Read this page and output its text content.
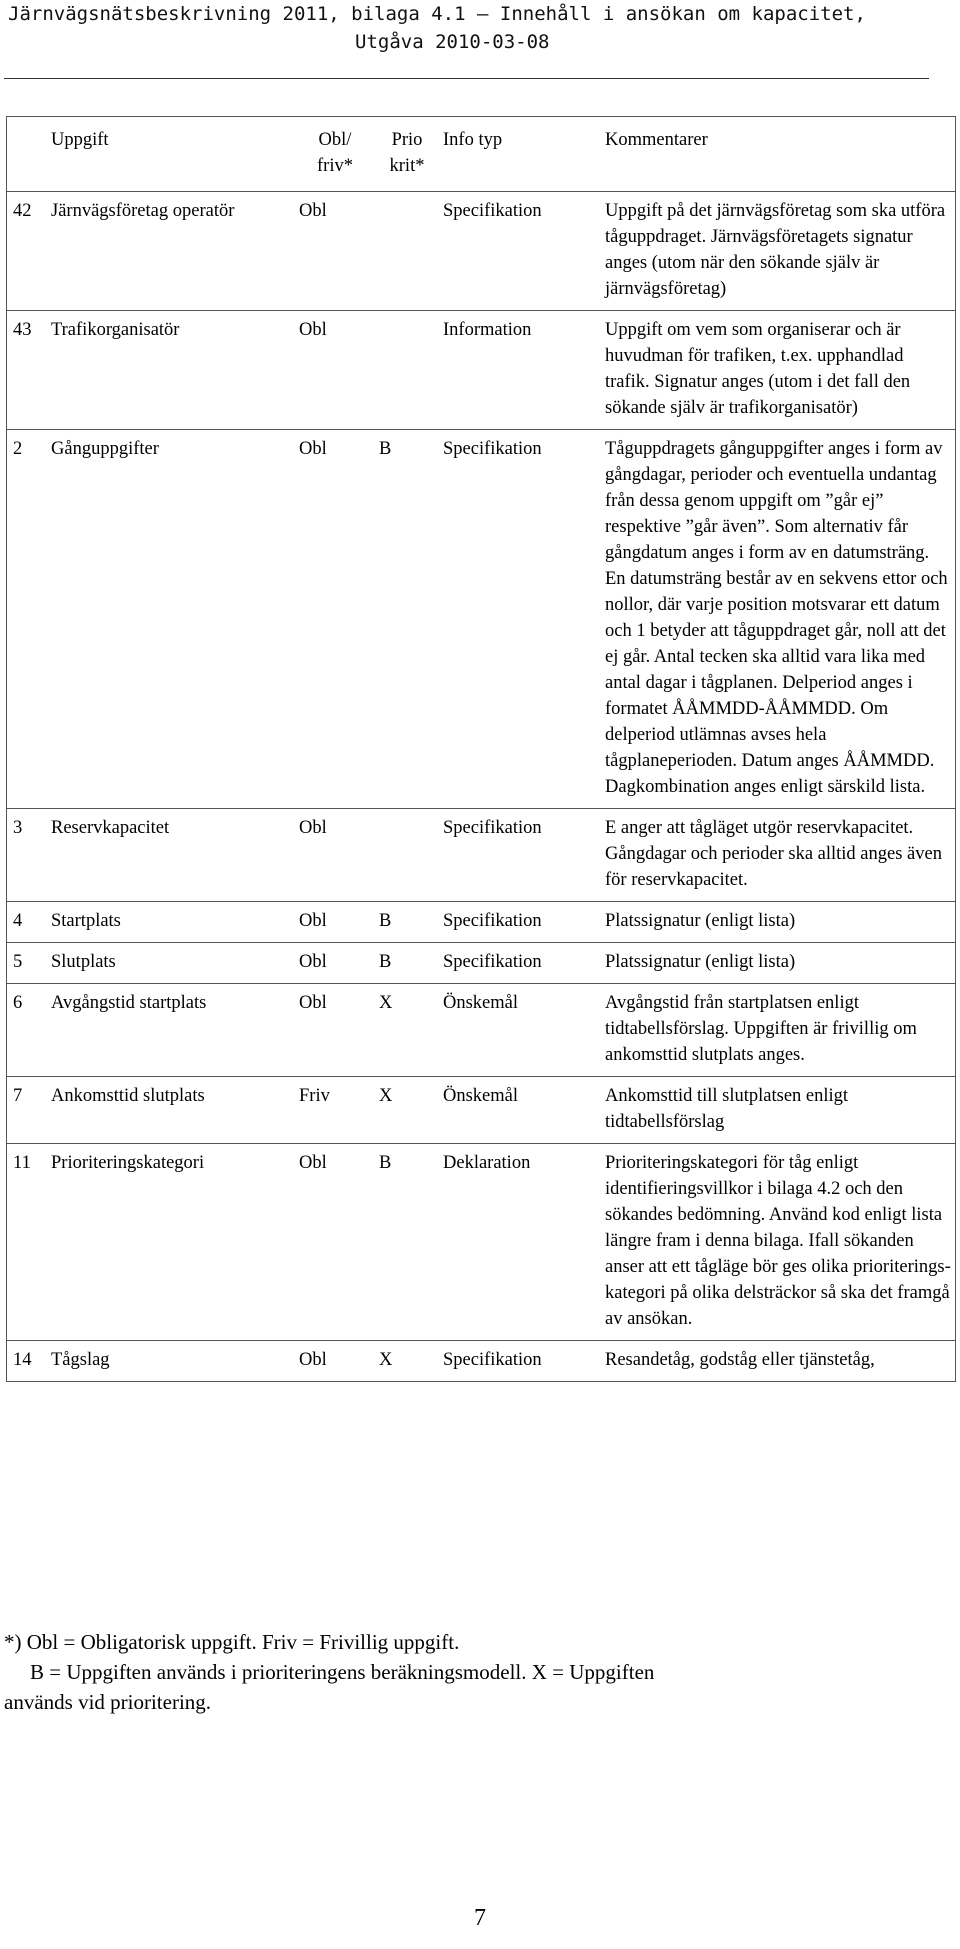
Järnvägsnätsbeskrivning 2011, bilaga 4.1 — Innehåll i ansökan om kapacitet,
Utgåva 2010-03-08
	Uppgift	Obl/ friv*	Prio krit*	Info typ	Kommentarer
42	Järnvägsföretag operatör	Obl		Specifikation	Uppgift på det järnvägsföretag som ska utföra tåguppdraget. Järnvägsföretagets signatur anges (utom när den sökande själv är järnvägsföretag)
43	Trafikorganisatör	Obl		Information	Uppgift om vem som organiserar och är huvudman för trafiken, t.ex. upphandlad trafik. Signatur anges (utom i det fall den sökande själv är trafikorganisatör)
2	Gånguppgifter	Obl	B	Specifikation	Tåguppdragets gånguppgifter anges i form av gångdagar, perioder och eventuella undantag från dessa genom uppgift om ”går ej” respektive ”går även”. Som alternativ får gångdatum anges i form av en datumsträng. En datumsträng består av en sekvens ettor och nollor, där varje position motsvarar ett datum och 1 betyder att tåguppdraget går, noll att det ej går. Antal tecken ska alltid vara lika med antal dagar i tågplanen. Delperiod anges i formatet ÅÅMMDD-ÅÅMMDD. Om delperiod utlämnas avses hela tågplaneperioden. Datum anges ÅÅMMDD. Dagkombination anges enligt särskild lista.
3	Reservkapacitet	Obl		Specifikation	E anger att tågläget utgör reservkapacitet. Gångdagar och perioder ska alltid anges även för reservkapacitet.
4	Startplats	Obl	B	Specifikation	Platssignatur (enligt lista)
5	Slutplats	Obl	B	Specifikation	Platssignatur (enligt lista)
6	Avgångstid startplats	Obl	X	Önskemål	Avgångstid från startplatsen enligt tidtabellsförslag. Uppgiften är frivillig om ankomsttid slutplats anges.
7	Ankomsttid slutplats	Friv	X	Önskemål	Ankomsttid till slutplatsen enligt tidtabellsförslag
11	Prioriteringskategori	Obl	B	Deklaration	Prioriteringskategori för tåg enligt identifieringsvillkor i bilaga 4.2 och den sökandes bedömning. Använd kod enligt lista längre fram i denna bilaga. Ifall sökanden anser att ett tågläge bör ges olika prioriterings-kategori på olika delsträckor så ska det framgå av ansökan.
14	Tågslag	Obl	X	Specifikation	Resandetåg, godståg eller tjänstetåg,
*) Obl = Obligatorisk uppgift. Friv = Frivillig uppgift.
B = Uppgiften används i prioriteringens beräkningsmodell. X = Uppgiften
används vid prioritering.
7
